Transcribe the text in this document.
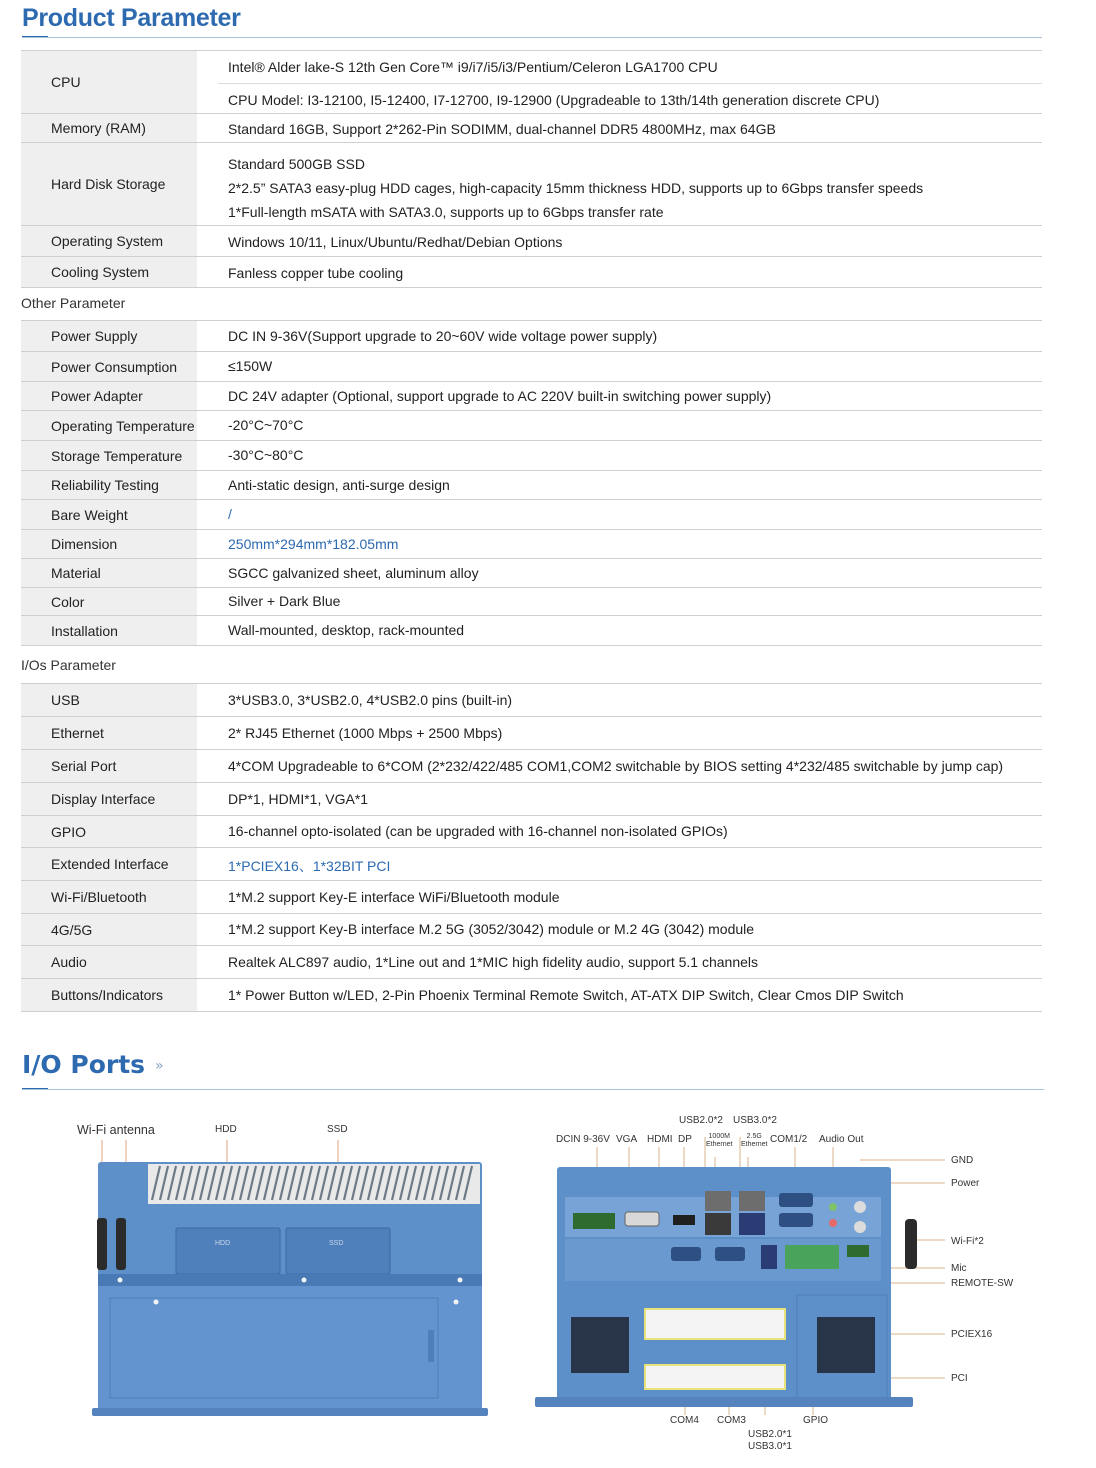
Product Parameter
CPU
Intel® Alder lake-S 12th Gen Core™ i9/i7/i5/i3/Pentium/Celeron LGA1700 CPU
CPU Model: I3-12100, I5-12400, I7-12700, I9-12900 (Upgradeable to 13th/14th generation discrete CPU)
Memory (RAM)	Standard 16GB, Support 2*262-Pin SODIMM, dual-channel DDR5 4800MHz, max 64GB
Hard Disk Storage
Standard 500GB SSD
2*2.5” SATA3 easy-plug HDD cages, high-capacity 15mm thickness HDD, supports up to 6Gbps transfer speeds
1*Full-length mSATA with SATA3.0, supports up to 6Gbps transfer rate
Operating System	Windows 10/11, Linux/Ubuntu/Redhat/Debian Options
Cooling System	Fanless copper tube cooling
Other Parameter
Power Supply	DC IN 9-36V(Support upgrade to 20~60V wide voltage power supply)
Power Consumption	≤150W
Power Adapter	DC 24V adapter (Optional, support upgrade to AC 220V built-in switching power supply)
Operating Temperature -20°C~70°C
Storage Temperature	-30°C~80°C
Reliability Testing	Anti-static design, anti-surge design
Bare Weight	/
Dimension	250mm*294mm*182.05mm
Material	SGCC galvanized sheet, aluminum alloy
Color	Silver + Dark Blue
Installation	Wall-mounted, desktop, rack-mounted
I/Os Parameter
USB	3*USB3.0, 3*USB2.0, 4*USB2.0 pins (built-in)
Ethernet	2* RJ45 Ethernet (1000 Mbps + 2500 Mbps)
Serial Port	4*COM Upgradeable to 6*COM (2*232/422/485 COM1,COM2 switchable by BIOS setting 4*232/485 switchable by jump cap)
Display Interface	DP*1, HDMI*1, VGA*1
GPIO	16-channel opto-isolated (can be upgraded with 16-channel non-isolated GPIOs)
Extended Interface	1*PCIEX16、1*32BIT PCI
Wi-Fi/Bluetooth	1*M.2 support Key-E interface WiFi/Bluetooth module
4G/5G	1*M.2 support Key-B interface M.2 5G (3052/3042) module or M.2 4G (3042) module
Audio	Realtek ALC897 audio, 1*Line out and 1*MIC high fidelity audio, support 5.1 channels
Buttons/Indicators	1* Power Button w/LED, 2-Pin Phoenix Terminal Remote Switch, AT-ATX DIP Switch, Clear Cmos DIP Switch
I/O Ports »
Wi-Fi antenna	HDD	SSD
HDD	SSD
USB2.0*2 USB3.0*2
DCIN 9-36V VGA HDMI DP	1000M
Ethernet
2.5G
Ethernet COM1/2 Audio Out
GND
Power
Wi-Fi*2
Mic
REMOTE-SW
PCIEX16
PCI
COM4 COM3	GPIO
USB2.0*1
USB3.0*1
